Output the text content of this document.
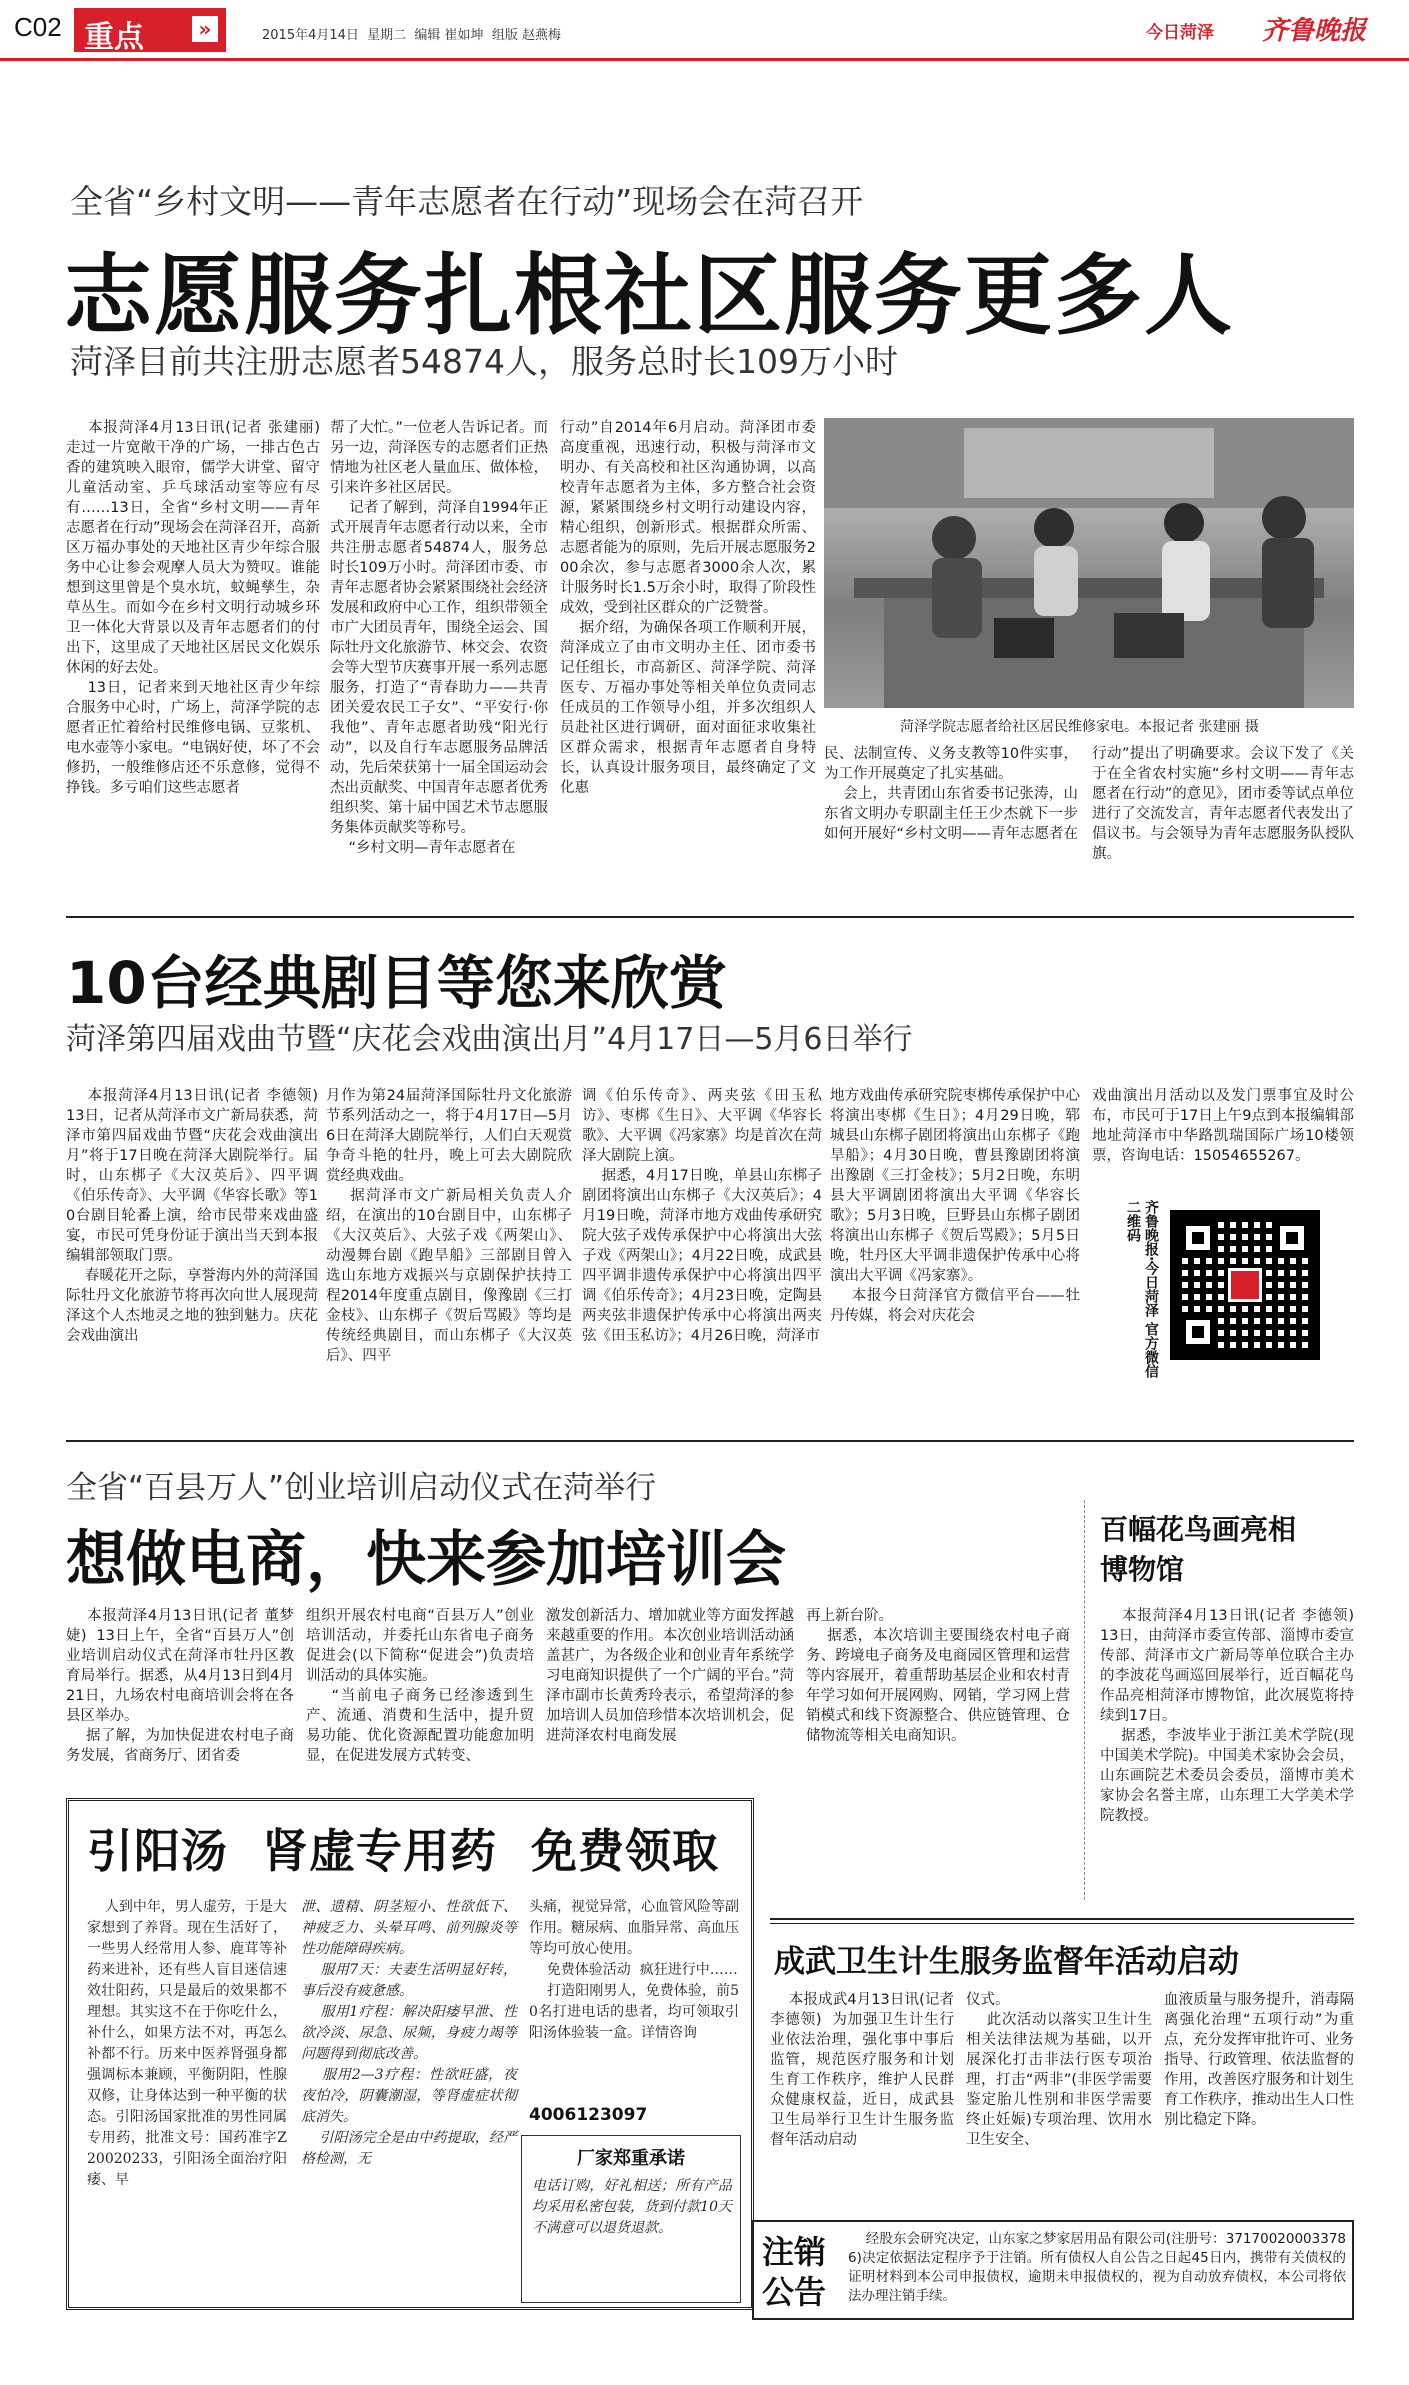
C02 重点	»	2015年4月14日  星期二  编辑 崔如坤  组版 赵燕梅	今日菏泽 齐鲁晚报
全省“乡村文明——青年志愿者在行动”现场会在菏召开
志愿服务扎根社区服务更多人
菏泽目前共注册志愿者54874人，服务总时长109万小时
本报菏泽4月13日讯(记者 张建丽)  走过一片宽敞干净的广场，一排古色古香的建筑映入眼帘，儒学大讲堂、留守儿童活动室、乒乓球活动室等应有尽有……13日，全省“乡村文明——青年志愿者在行动”现场会在菏泽召开，高新区万福办事处的天地社区青少年综合服务中心让参会观摩人员大为赞叹。谁能想到这里曾是个臭水坑，蚊蝇孳生，杂草丛生。而如今在乡村文明行动城乡环卫一体化大背景以及青年志愿者们的付出下，这里成了天地社区居民文化娱乐休闲的好去处。
13日，记者来到天地社区青少年综合服务中心时，广场上，菏泽学院的志愿者正忙着给村民维修电锅、豆浆机、电水壶等小家电。“电锅好使，坏了不会修扔，一般维修店还不乐意修，觉得不挣钱。多亏咱们这些志愿者
帮了大忙。”一位老人告诉记者。而另一边，菏泽医专的志愿者们正热情地为社区老人量血压、做体检，引来许多社区居民。
记者了解到，菏泽自1994年正式开展青年志愿者行动以来，全市共注册志愿者54874人，服务总时长109万小时。菏泽团市委、市青年志愿者协会紧紧围绕社会经济发展和政府中心工作，组织带领全市广大团员青年，围绕全运会、国际牡丹文化旅游节、林交会、农资会等大型节庆赛事开展一系列志愿服务，打造了“青春助力——共青团关爱农民工子女”、“平安行·你我他”、青年志愿者助残“阳光行动”，以及自行车志愿服务品牌活动，先后荣获第十一届全国运动会杰出贡献奖、中国青年志愿者优秀组织奖、第十届中国艺术节志愿服务集体贡献奖等称号。
“乡村文明—青年志愿者在
行动”自2014年6月启动。菏泽团市委高度重视，迅速行动，积极与菏泽市文明办、有关高校和社区沟通协调，以高校青年志愿者为主体，多方整合社会资源，紧紧围绕乡村文明行动建设内容，精心组织，创新形式。根据群众所需、志愿者能为的原则，先后开展志愿服务200余次，参与志愿者3000余人次，累计服务时长1.5万余小时，取得了阶段性成效，受到社区群众的广泛赞誉。
据介绍，为确保各项工作顺利开展，菏泽成立了由市文明办主任、团市委书记任组长，市高新区、菏泽学院、菏泽医专、万福办事处等相关单位负责同志任成员的工作领导小组，并多次组织人员赴社区进行调研，面对面征求收集社区群众需求，根据青年志愿者自身特长，认真设计服务项目，最终确定了文化惠
菏泽学院志愿者给社区居民维修家电。本报记者 张建丽 摄
民、法制宣传、义务支教等10件实事，为工作开展奠定了扎实基础。
会上，共青团山东省委书记张涛，山东省文明办专职副主任王少杰就下一步如何开展好“乡村文明——青年志愿者在
行动”提出了明确要求。会议下发了《关于在全省农村实施“乡村文明——青年志愿者在行动”的意见》，团市委等试点单位进行了交流发言，青年志愿者代表发出了倡议书。与会领导为青年志愿服务队授队旗。
10台经典剧目等您来欣赏
菏泽第四届戏曲节暨“庆花会戏曲演出月”4月17日—5月6日举行
本报菏泽4月13日讯(记者 李德领)  13日，记者从菏泽市文广新局获悉，菏泽市第四届戏曲节暨“庆花会戏曲演出月”将于17日晚在菏泽大剧院举行。届时，山东梆子《大汉英后》、四平调《伯乐传奇》、大平调《华容长歌》等10台剧目轮番上演，给市民带来戏曲盛宴，市民可凭身份证于演出当天到本报编辑部领取门票。
春暖花开之际，享誉海内外的菏泽国际牡丹文化旅游节将再次向世人展现菏泽这个人杰地灵之地的独到魅力。庆花会戏曲演出
月作为第24届菏泽国际牡丹文化旅游节系列活动之一，将于4月17日—5月6日在菏泽大剧院举行，人们白天观赏争奇斗艳的牡丹，晚上可去大剧院欣赏经典戏曲。
据菏泽市文广新局相关负责人介绍，在演出的10台剧目中，山东梆子《大汉英后》、大弦子戏《两架山》、动漫舞台剧《跑旱船》三部剧目曾入选山东地方戏振兴与京剧保护扶持工程2014年度重点剧目，像豫剧《三打金枝》、山东梆子《贺后骂殿》等均是传统经典剧目，而山东梆子《大汉英后》、四平
调《伯乐传奇》、两夹弦《田玉私访》、枣梆《生日》、大平调《华容长歌》、大平调《冯家寨》均是首次在菏泽大剧院上演。
据悉，4月17日晚，单县山东梆子剧团将演出山东梆子《大汉英后》；4月19日晚，菏泽市地方戏曲传承研究院大弦子戏传承保护中心将演出大弦子戏《两架山》；4月22日晚，成武县四平调非遗传承保护中心将演出四平调《伯乐传奇》；4月23日晚，定陶县两夹弦非遗保护传承中心将演出两夹弦《田玉私访》；4月26日晚，菏泽市
地方戏曲传承研究院枣梆传承保护中心将演出枣梆《生日》；4月29日晚，郓城县山东梆子剧团将演出山东梆子《跑旱船》；4月30日晚，曹县豫剧团将演出豫剧《三打金枝》；5月2日晚，东明县大平调剧团将演出大平调《华容长歌》；5月3日晚，巨野县山东梆子剧团将演出山东梆子《贺后骂殿》；5月5日晚，牡丹区大平调非遗保护传承中心将演出大平调《冯家寨》。
本报今日菏泽官方微信平台——牡丹传媒，将会对庆花会
戏曲演出月活动以及发门票事宜及时公布，市民可于17日上午9点到本报编辑部地址菏泽市中华路凯瑞国际广场10楼领票，咨询电话：15054655267。
齐鲁晚报·今日菏泽 官方微信二维码
全省“百县万人”创业培训启动仪式在菏举行
想做电商，快来参加培训会
本报菏泽4月13日讯(记者 董梦婕)  13日上午，全省“百县万人”创业培训启动仪式在菏泽市牡丹区教育局举行。据悉，从4月13日到4月21日，九场农村电商培训会将在各县区举办。
据了解，为加快促进农村电子商务发展，省商务厅、团省委
组织开展农村电商“百县万人”创业培训活动，并委托山东省电子商务促进会(以下简称“促进会”)负责培训活动的具体实施。
“当前电子商务已经渗透到生产、流通、消费和生活中，提升贸易功能、优化资源配置功能愈加明显，在促进发展方式转变、
激发创新活力、增加就业等方面发挥越来越重要的作用。本次创业培训活动涵盖甚广，为各级企业和创业青年系统学习电商知识提供了一个广阔的平台。”菏泽市副市长黄秀玲表示，希望菏泽的参加培训人员加倍珍惜本次培训机会，促进菏泽农村电商发展
再上新台阶。
据悉，本次培训主要围绕农村电子商务、跨境电子商务及电商园区管理和运营等内容展开，着重帮助基层企业和农村青年学习如何开展网购、网销，学习网上营销模式和线下资源整合、供应链管理、仓储物流等相关电商知识。
百幅花鸟画亮相博物馆
本报菏泽4月13日讯(记者 李德领)  13日，由菏泽市委宣传部、淄博市委宣传部、菏泽市文广新局等单位联合主办的李波花鸟画巡回展举行，近百幅花鸟作品亮相菏泽市博物馆，此次展览将持续到17日。
据悉，李波毕业于浙江美术学院(现中国美术学院)。中国美术家协会会员，山东画院艺术委员会委员，淄博市美术家协会名誉主席，山东理工大学美术学院教授。
引阳汤  肾虚专用药  免费领取
人到中年，男人虚劳，于是大家想到了养肾。现在生活好了，一些男人经常用人参、鹿茸等补药来进补，还有些人盲目迷信速效壮阳药，只是最后的效果都不理想。其实这不在于你吃什么，补什么，如果方法不对，再怎么补都不行。历来中医养肾强身都强调标本兼顾，平衡阴阳，性腺双修，让身体达到一种平衡的状态。引阳汤国家批准的男性同属专用药，批准文号：国药准字Z20020233，引阳汤全面治疗阳痿、早
泄、遗精、阴茎短小、性欲低下、神疲乏力、头晕耳鸣、前列腺炎等性功能障碍疾病。
服用7天：夫妻生活明显好转，事后没有疲惫感。
服用1疗程：解决阳痿早泄、性欲冷淡、尿急、尿频，身疲力竭等问题得到彻底改善。
服用2—3疗程：性欲旺盛，夜夜怕冷，阴囊潮湿，等肾虚症状彻底消失。
引阳汤完全是由中药提取，经严格检测，无
头痛，视觉异常，心血管风险等副作用。糖尿病、血脂异常、高血压等均可放心使用。
免费体验活动  疯狂进行中……
打造阳刚男人，免费体验，前50名打进电话的患者，均可领取引阳汤体验装一盒。详情咨询
4006123097
厂家郑重承诺
电话订购，好礼相送；所有产品均采用私密包装，货到付款10天不满意可以退货退款。
成武卫生计生服务监督年活动启动
本报成武4月13日讯(记者 李德领)  为加强卫生计生行业依法治理，强化事中事后监管，规范医疗服务和计划生育工作秩序，维护人民群众健康权益，近日，成武县卫生局举行卫生计生服务监督年活动启动
仪式。
此次活动以落实卫生计生相关法律法规为基础，以开展深化打击非法行医专项治理，打击“两非”(非医学需要鉴定胎儿性别和非医学需要终止妊娠)专项治理、饮用水卫生安全、
血液质量与服务提升，消毒隔离强化治理“五项行动”为重点，充分发挥审批许可、业务指导、行政管理、依法监督的作用，改善医疗服务和计划生育工作秩序，推动出生人口性别比稳定下降。
注销公告
经股东会研究决定，山东家之梦家居用品有限公司(注册号：371700200033786)决定依据法定程序予于注销。所有债权人自公告之日起45日内，携带有关债权的证明材料到本公司申报债权，逾期未申报债权的，视为自动放弃债权，本公司将依法办理注销手续。
